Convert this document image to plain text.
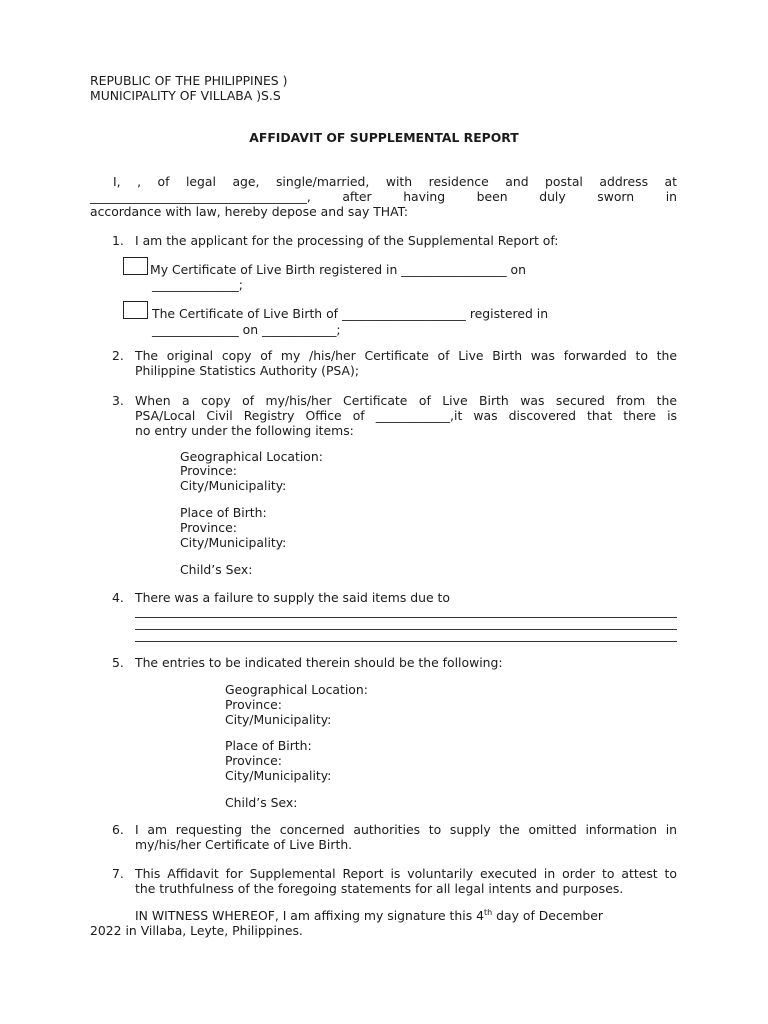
REPUBLIC OF THE PHILIPPINES )
MUNICIPALITY OF VILLABA )S.S
AFFIDAVIT OF SUPPLEMENTAL REPORT
I, , of legal age, single/married, with residence and postal address at
___________________________________, after having been duly sworn in
accordance with law, hereby depose and say THAT:
1. I am the applicant for the processing of the Supplemental Report of:
My Certificate of Live Birth registered in _________________ on
______________;
The Certificate of Live Birth of ____________________ registered in
______________ on ____________;
2. The original copy of my /his/her Certificate of Live Birth was forwarded to the
Philippine Statistics Authority (PSA);
3. When a copy of my/his/her Certificate of Live Birth was secured from the
PSA/Local Civil Registry Office of ____________,it was discovered that there is
no entry under the following items:
Geographical Location:
Province:
City/Municipality:
Place of Birth:
Province:
City/Municipality:
Child’s Sex:
4. There was a failure to supply the said items due to
5. The entries to be indicated therein should be the following:
Geographical Location:
Province:
City/Municipality:
Place of Birth:
Province:
City/Municipality:
Child’s Sex:
6. I am requesting the concerned authorities to supply the omitted information in
my/his/her Certificate of Live Birth.
7. This Affidavit for Supplemental Report is voluntarily executed in order to attest to
the truthfulness of the foregoing statements for all legal intents and purposes.
IN WITNESS WHEREOF, I am affixing my signature this 4th day of December
2022 in Villaba, Leyte, Philippines.
